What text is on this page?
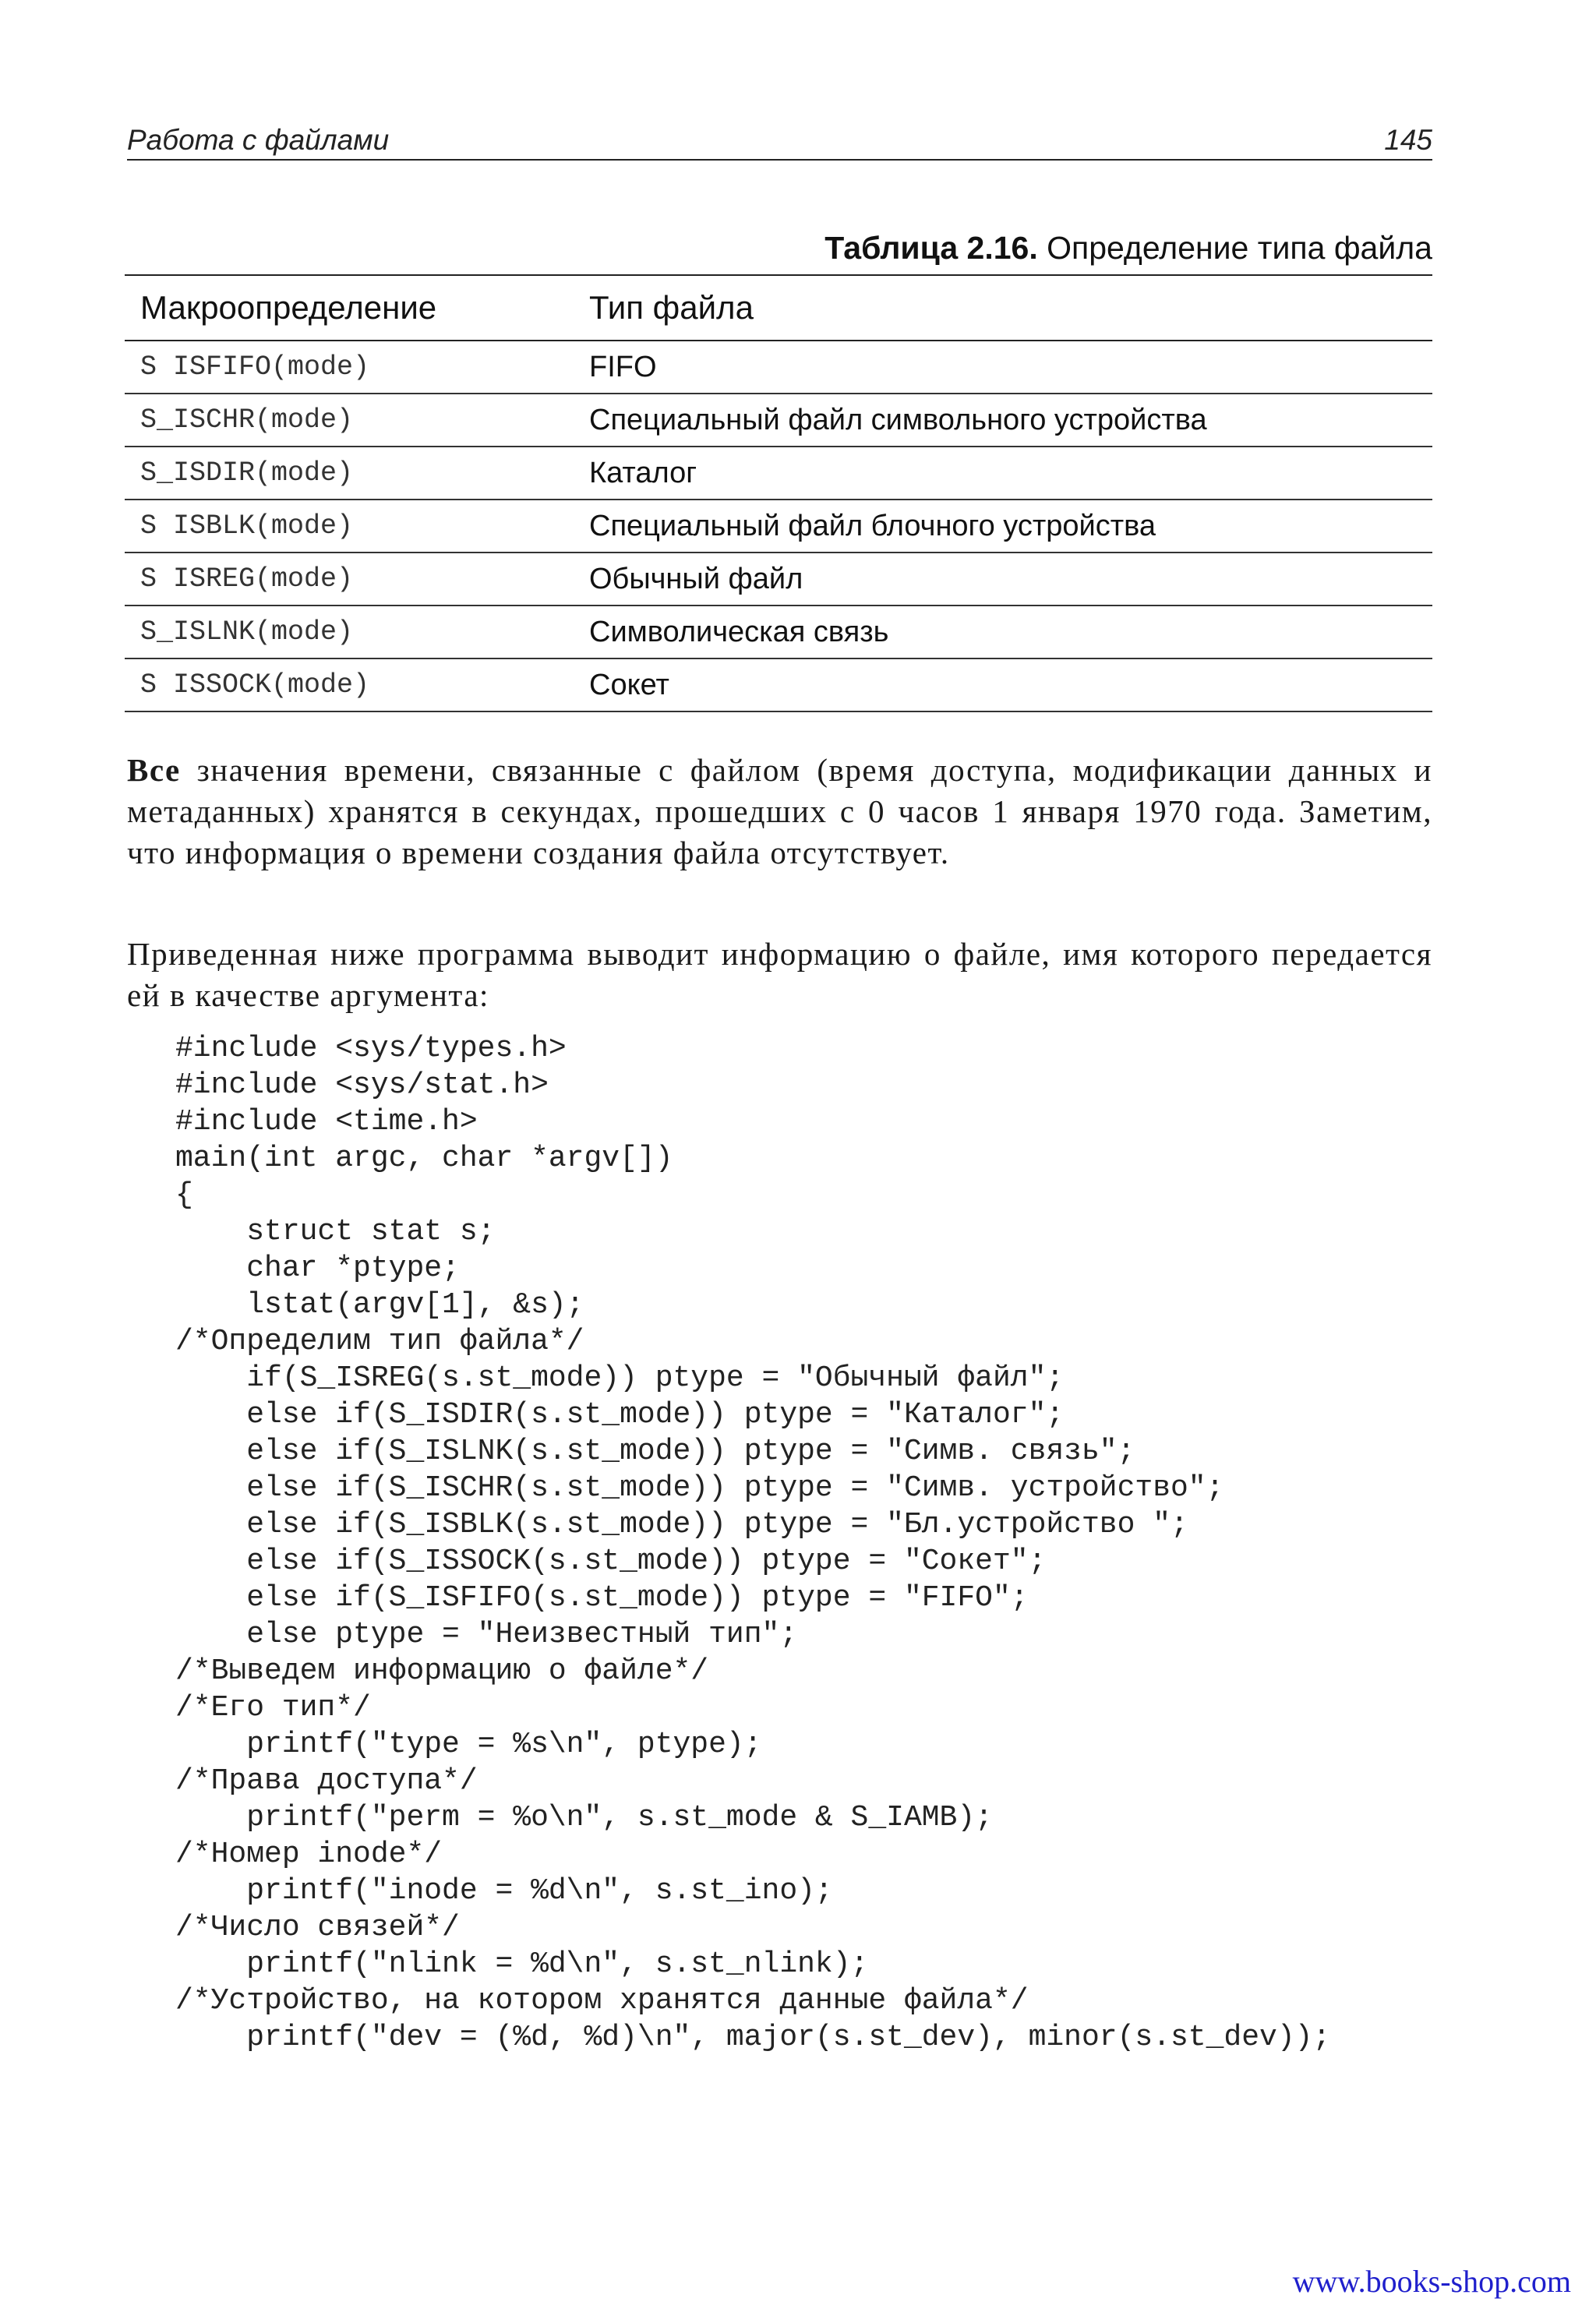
Работа с файлами	145
Таблица 2.16. Определение типа файла
Макроопределение	Тип файла
S ISFIFO(mode)	FIFO
S_ISCHR(mode)	Специальный файл символьного устройства
S_ISDIR(mode)	Каталог
S ISBLK(mode)	Специальный файл блочного устройства
S ISREG(mode)	Обычный файл
S_ISLNK(mode)	Символическая связь
S ISSOCK(mode)	Сокет

Все значения времени, связанные с файлом (время доступа, модификации данных и метаданных) хранятся в секундах, прошедших с 0 часов 1 января 1970 года. Заметим, что информация о времени создания файла отсутствует.

Приведенная ниже программа выводит информацию о файле, имя которого передается ей в качестве аргумента:

#include <sys/types.h>
#include <sys/stat.h>
#include <time.h>
main(int argc, char *argv[])
{
struct stat s;
char *ptype;
lstat(argv[1], &s);
/*Определим тип файла*/
if(S_ISREG(s.st_mode)) ptype = "Обычный файл";
else if(S_ISDIR(s.st_mode)) ptype = "Каталог";
else if(S_ISLNK(s.st_mode)) ptype = "Симв. связь";
else if(S_ISCHR(s.st_mode)) ptype = "Симв. устройство";
else if(S_ISBLK(s.st_mode)) ptype = "Бл.устройство ";
else if(S_ISSOCK(s.st_mode)) ptype = "Сокет";
else if(S_ISFIFO(s.st_mode)) ptype = "FIFO";
else ptype = "Неизвестный тип";
/*Выведем информацию о файле*/
/*Его тип*/
printf("type = %s\n", ptype);
/*Права доступа*/
printf("perm = %o\n", s.st_mode & S_IAMB);
/*Номер inode*/
printf("inode = %d\n", s.st_ino);
/*Число связей*/
printf("nlink = %d\n", s.st_nlink);
/*Устройство, на котором хранятся данные файла*/
printf("dev = (%d, %d)\n", major(s.st_dev), minor(s.st_dev));
www.books-shop.com
